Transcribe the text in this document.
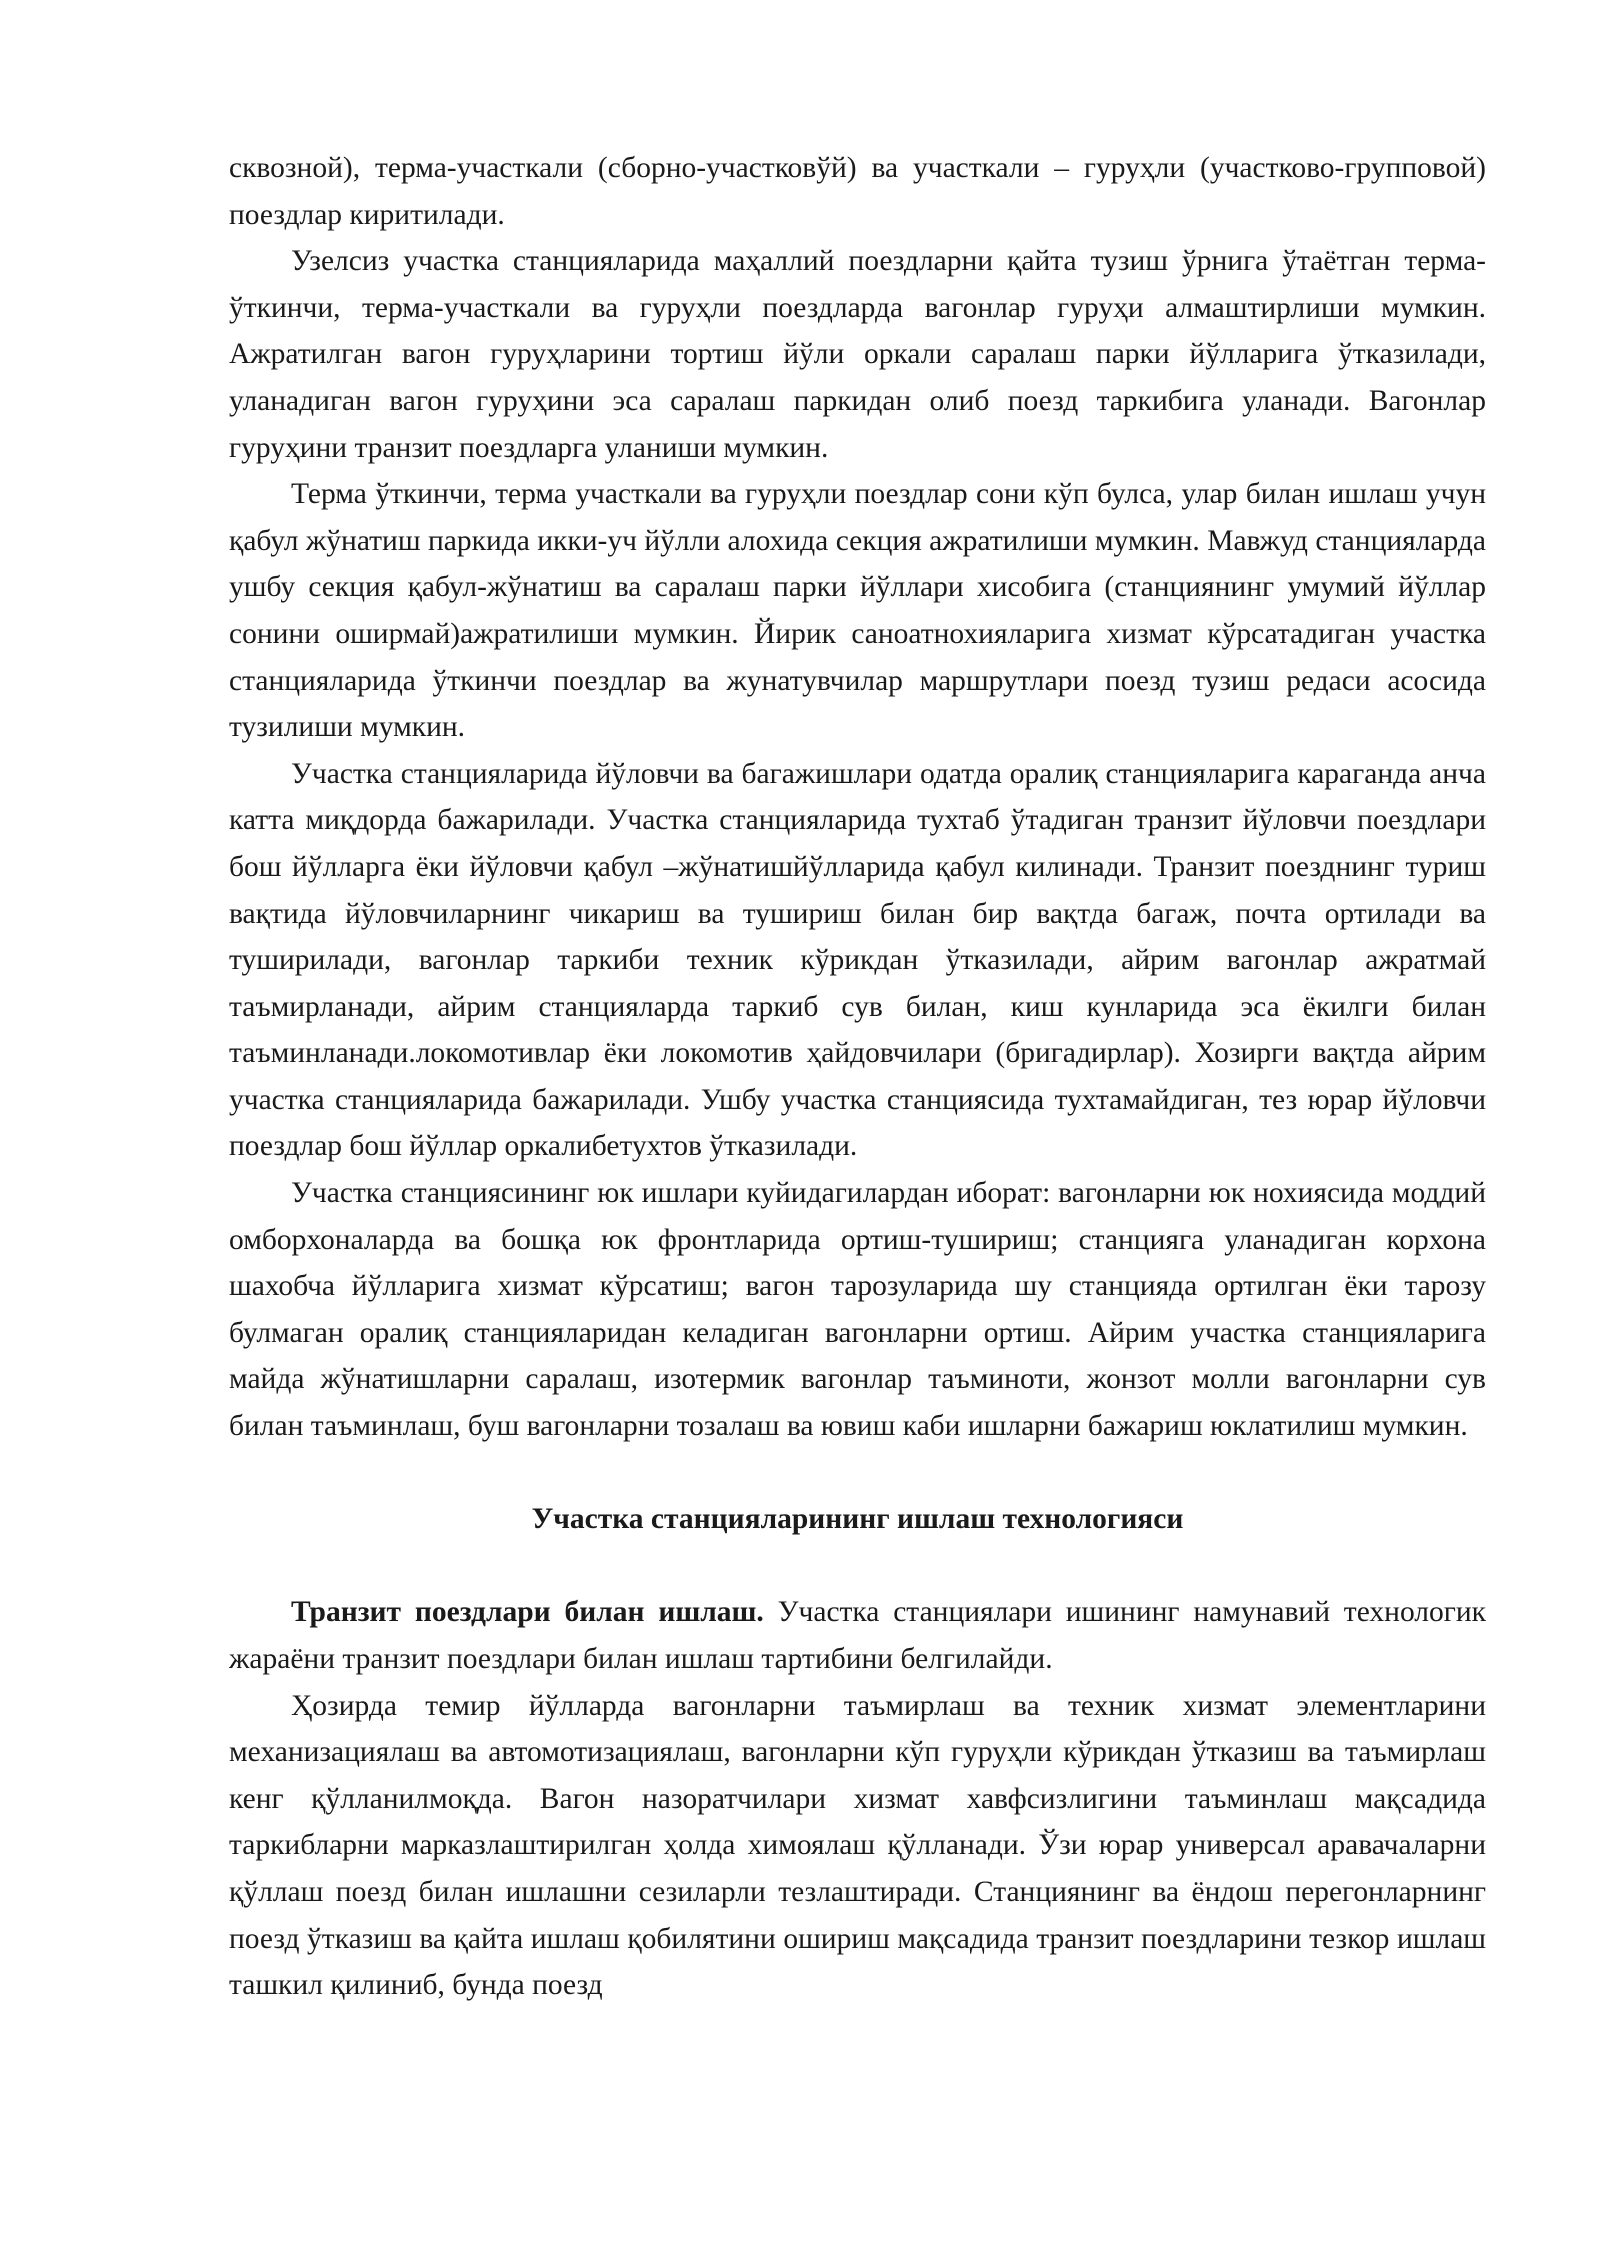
сквозной), терма-участкали (сборно-участковўй) ва участкали – гуруҳли (участково-групповой) поездлар киритилади.

Узелсиз участка станцияларида маҳаллий поездларни қайта тузиш ўрнига ўтаётган терма-ўткинчи, терма-участкали ва гуруҳли поездларда вагонлар гуруҳи алмаштирлиши мумкин. Ажратилган вагон гуруҳларини тортиш йўли оркали саралаш парки йўлларига ўтказилади, уланадиган вагон гуруҳини эса саралаш паркидан олиб поезд таркибига уланади. Вагонлар гуруҳини транзит поездларга уланиши мумкин.

Терма ўткинчи, терма участкали ва гуруҳли поездлар сони кўп булса, улар билан ишлаш учун қабул жўнатиш паркида икки-уч йўлли алохида секция ажратилиши мумкин. Мавжуд станцияларда ушбу секция қабул-жўнатиш ва саралаш парки йўллари хисобига (станциянинг умумий йўллар сонини оширмай)ажратилиши мумкин. Йирик саноатнохияларига хизмат кўрсатадиган участка станцияларида ўткинчи поездлар ва жунатувчилар маршрутлари поезд тузиш редаси асосида тузилиши мумкин.

Участка станцияларида йўловчи ва багажишлари одатда оралиқ станцияларига караганда анча катта миқдорда бажарилади. Участка станцияларида тухтаб ўтадиган транзит йўловчи поездлари бош йўлларга ёки йўловчи қабул –жўнатишйўлларида қабул килинади. Транзит поезднинг туриш вақтида йўловчиларнинг чикариш ва тушириш билан бир вақтда багаж, почта ортилади ва туширилади, вагонлар таркиби техник кўрикдан ўтказилади, айрим вагонлар ажратмай таъмирланади, айрим станцияларда таркиб сув билан, киш кунларида эса ёкилги билан таъминланади.локомотивлар ёки локомотив ҳайдовчилари (бригадирлар). Хозирги вақтда айрим участка станцияларида бажарилади. Ушбу участка станциясида тухтамайдиган, тез юрар йўловчи поездлар бош йўллар оркалибетухтов ўтказилади.

Участка станциясининг юк ишлари куйидагилардан иборат: вагонларни юк нохиясида моддий омборхоналарда ва бошқа юк фронтларида ортиш-тушириш; станцияга уланадиган корхона шахобча йўлларига хизмат кўрсатиш; вагон тарозуларида шу станцияда ортилган ёки тарозу булмаган оралиқ станцияларидан келадиган вагонларни ортиш. Айрим участка станцияларига майда жўнатишларни саралаш, изотермик вагонлар таъминоти, жонзот молли вагонларни сув билан таъминлаш, буш вагонларни тозалаш ва ювиш каби ишларни бажариш юклатилиш мумкин.

Участка станцияларининг ишлаш технологияси

Транзит поездлари билан ишлаш. Участка станциялари ишининг намунавий технологик жараёни транзит поездлари билан ишлаш тартибини белгилайди.

Ҳозирда темир йўлларда вагонларни таъмирлаш ва техник хизмат элементларини механизациялаш ва автомотизациялаш, вагонларни кўп гуруҳли кўрикдан ўтказиш ва таъмирлаш кенг қўлланилмоқда. Вагон назоратчилари хизмат хавфсизлигини таъминлаш мақсадида таркибларни марказлаштирилган ҳолда химоялаш қўлланади. Ўзи юрар универсал аравачаларни қўллаш поезд билан ишлашни сезиларли тезлаштиради. Станциянинг ва ёндош перегонларнинг поезд ўтказиш ва қайта ишлаш қобилятини ошириш мақсадида транзит поездларини тезкор ишлаш ташкил қилиниб, бунда поезд
